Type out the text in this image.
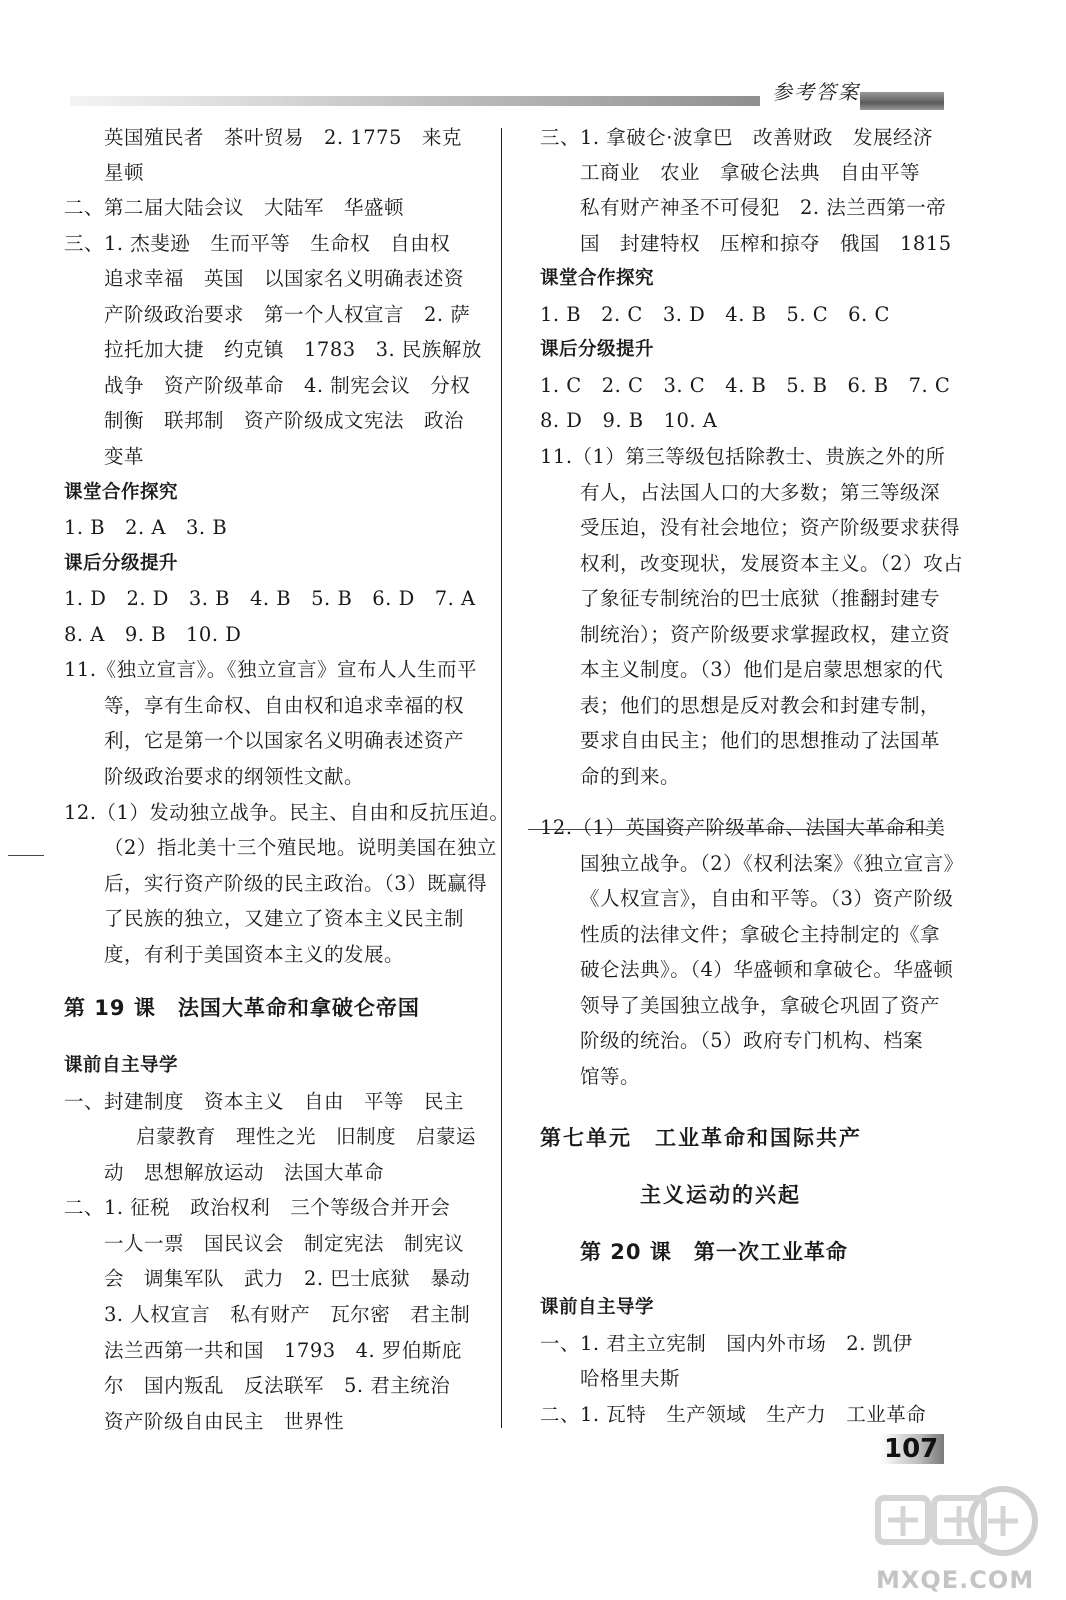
参考答案
英国殖民者　茶叶贸易　2. 1775　来克
星顿
二、第二届大陆会议　大陆军　华盛顿
三、1. 杰斐逊　生而平等　生命权　自由权
追求幸福　英国　以国家名义明确表述资
产阶级政治要求　第一个人权宣言　2. 萨
拉托加大捷　约克镇　1783　3. 民族解放
战争　资产阶级革命　4. 制宪会议　分权
制衡　联邦制　资产阶级成文宪法　政治
变革
课堂合作探究
1. B　2. A　3. B
课后分级提升
1. D　2. D　3. B　4. B　5. B　6. D　7. A
8. A　9. B　10. D
11.《独立宣言》。《独立宣言》宣布人人生而平
等，享有生命权、自由权和追求幸福的权
利，它是第一个以国家名义明确表述资产
阶级政治要求的纲领性文献。
12.（1）发动独立战争。民主、自由和反抗压迫。
（2）指北美十三个殖民地。说明美国在独立
后，实行资产阶级的民主政治。（3）既赢得
了民族的独立，又建立了资本主义民主制
度，有利于美国资本主义的发展。
第 19 课　法国大革命和拿破仑帝国
课前自主导学
一、封建制度　资本主义　自由　平等　民主
启蒙教育　理性之光　旧制度　启蒙运
动　思想解放运动　法国大革命
二、1. 征税　政治权利　三个等级合并开会
一人一票　国民议会　制定宪法　制宪议
会　调集军队　武力　2. 巴士底狱　暴动
3. 人权宣言　私有财产　瓦尔密　君主制
法兰西第一共和国　1793　4. 罗伯斯庇
尔　国内叛乱　反法联军　5. 君主统治
资产阶级自由民主　世界性
三、1. 拿破仑·波拿巴　改善财政　发展经济
工商业　农业　拿破仑法典　自由平等
私有财产神圣不可侵犯　2. 法兰西第一帝
国　封建特权　压榨和掠夺　俄国　1815
课堂合作探究
1. B　2. C　3. D　4. B　5. C　6. C
课后分级提升
1. C　2. C　3. C　4. B　5. B　6. B　7. C
8. D　9. B　10. A
11.（1）第三等级包括除教士、贵族之外的所
有人，占法国人口的大多数；第三等级深
受压迫，没有社会地位；资产阶级要求获得
权利，改变现状，发展资本主义。（2）攻占
了象征专制统治的巴士底狱（推翻封建专
制统治）；资产阶级要求掌握政权，建立资
本主义制度。（3）他们是启蒙思想家的代
表；他们的思想是反对教会和封建专制，
要求自由民主；他们的思想推动了法国革
命的到来。
12.（1）英国资产阶级革命、法国大革命和美
国独立战争。（2）《权利法案》《独立宣言》
《人权宣言》，自由和平等。（3）资产阶级
性质的法律文件；拿破仑主持制定的《拿
破仑法典》。（4）华盛顿和拿破仑。华盛顿
领导了美国独立战争，拿破仑巩固了资产
阶级的统治。（5）政府专门机构、档案
馆等。
第七单元　工业革命和国际共产
主义运动的兴起
第 20 课　第一次工业革命
课前自主导学
一、1. 君主立宪制　国内外市场　2. 凯伊
哈格里夫斯
二、1. 瓦特　生产领域　生产力　工业革命
107
MXQE.COM
